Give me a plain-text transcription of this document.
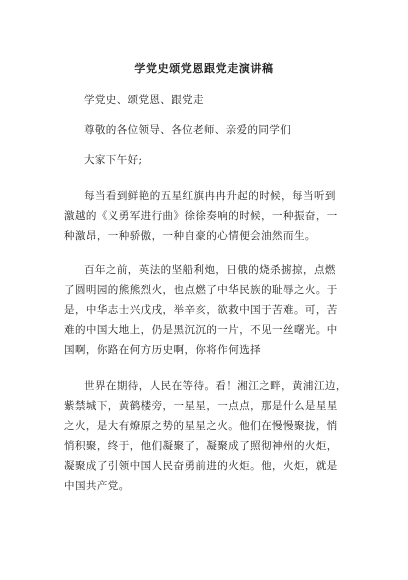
学党史颂党恩跟党走演讲稿
学党史、颂党恩、跟党走
尊敬的各位领导、各位老师、亲爱的同学们
大家下午好;
每当看到鲜艳的五星红旗冉冉升起的时候，每当听到
激越的《义勇军进行曲》徐徐奏响的时候，一种振奋，一
种激昂，一种骄傲，一种自豪的心情便会油然而生。
百年之前，英法的坚船利炮，日俄的烧杀掳掠，点燃
了圆明园的熊熊烈火，也点燃了中华民族的耻辱之火。于
是，中华志士兴戊戌，举辛亥，欲救中国于苦难。可，苦
难的中国大地上，仍是黑沉沉的一片，不见一丝曙光。中
国啊，你路在何方历史啊，你将作何选择
世界在期待，人民在等待。看！湘江之畔，黄浦江边，
紫禁城下，黄鹤楼旁，一星星，一点点，那是什么是星星
之火，是大有燎原之势的星星之火。他们在慢慢聚拢，悄
悄积聚，终于，他们凝聚了，凝聚成了照彻神州的火炬，
凝聚成了引领中国人民奋勇前进的火炬。他，火炬，就是
中国共产党。
